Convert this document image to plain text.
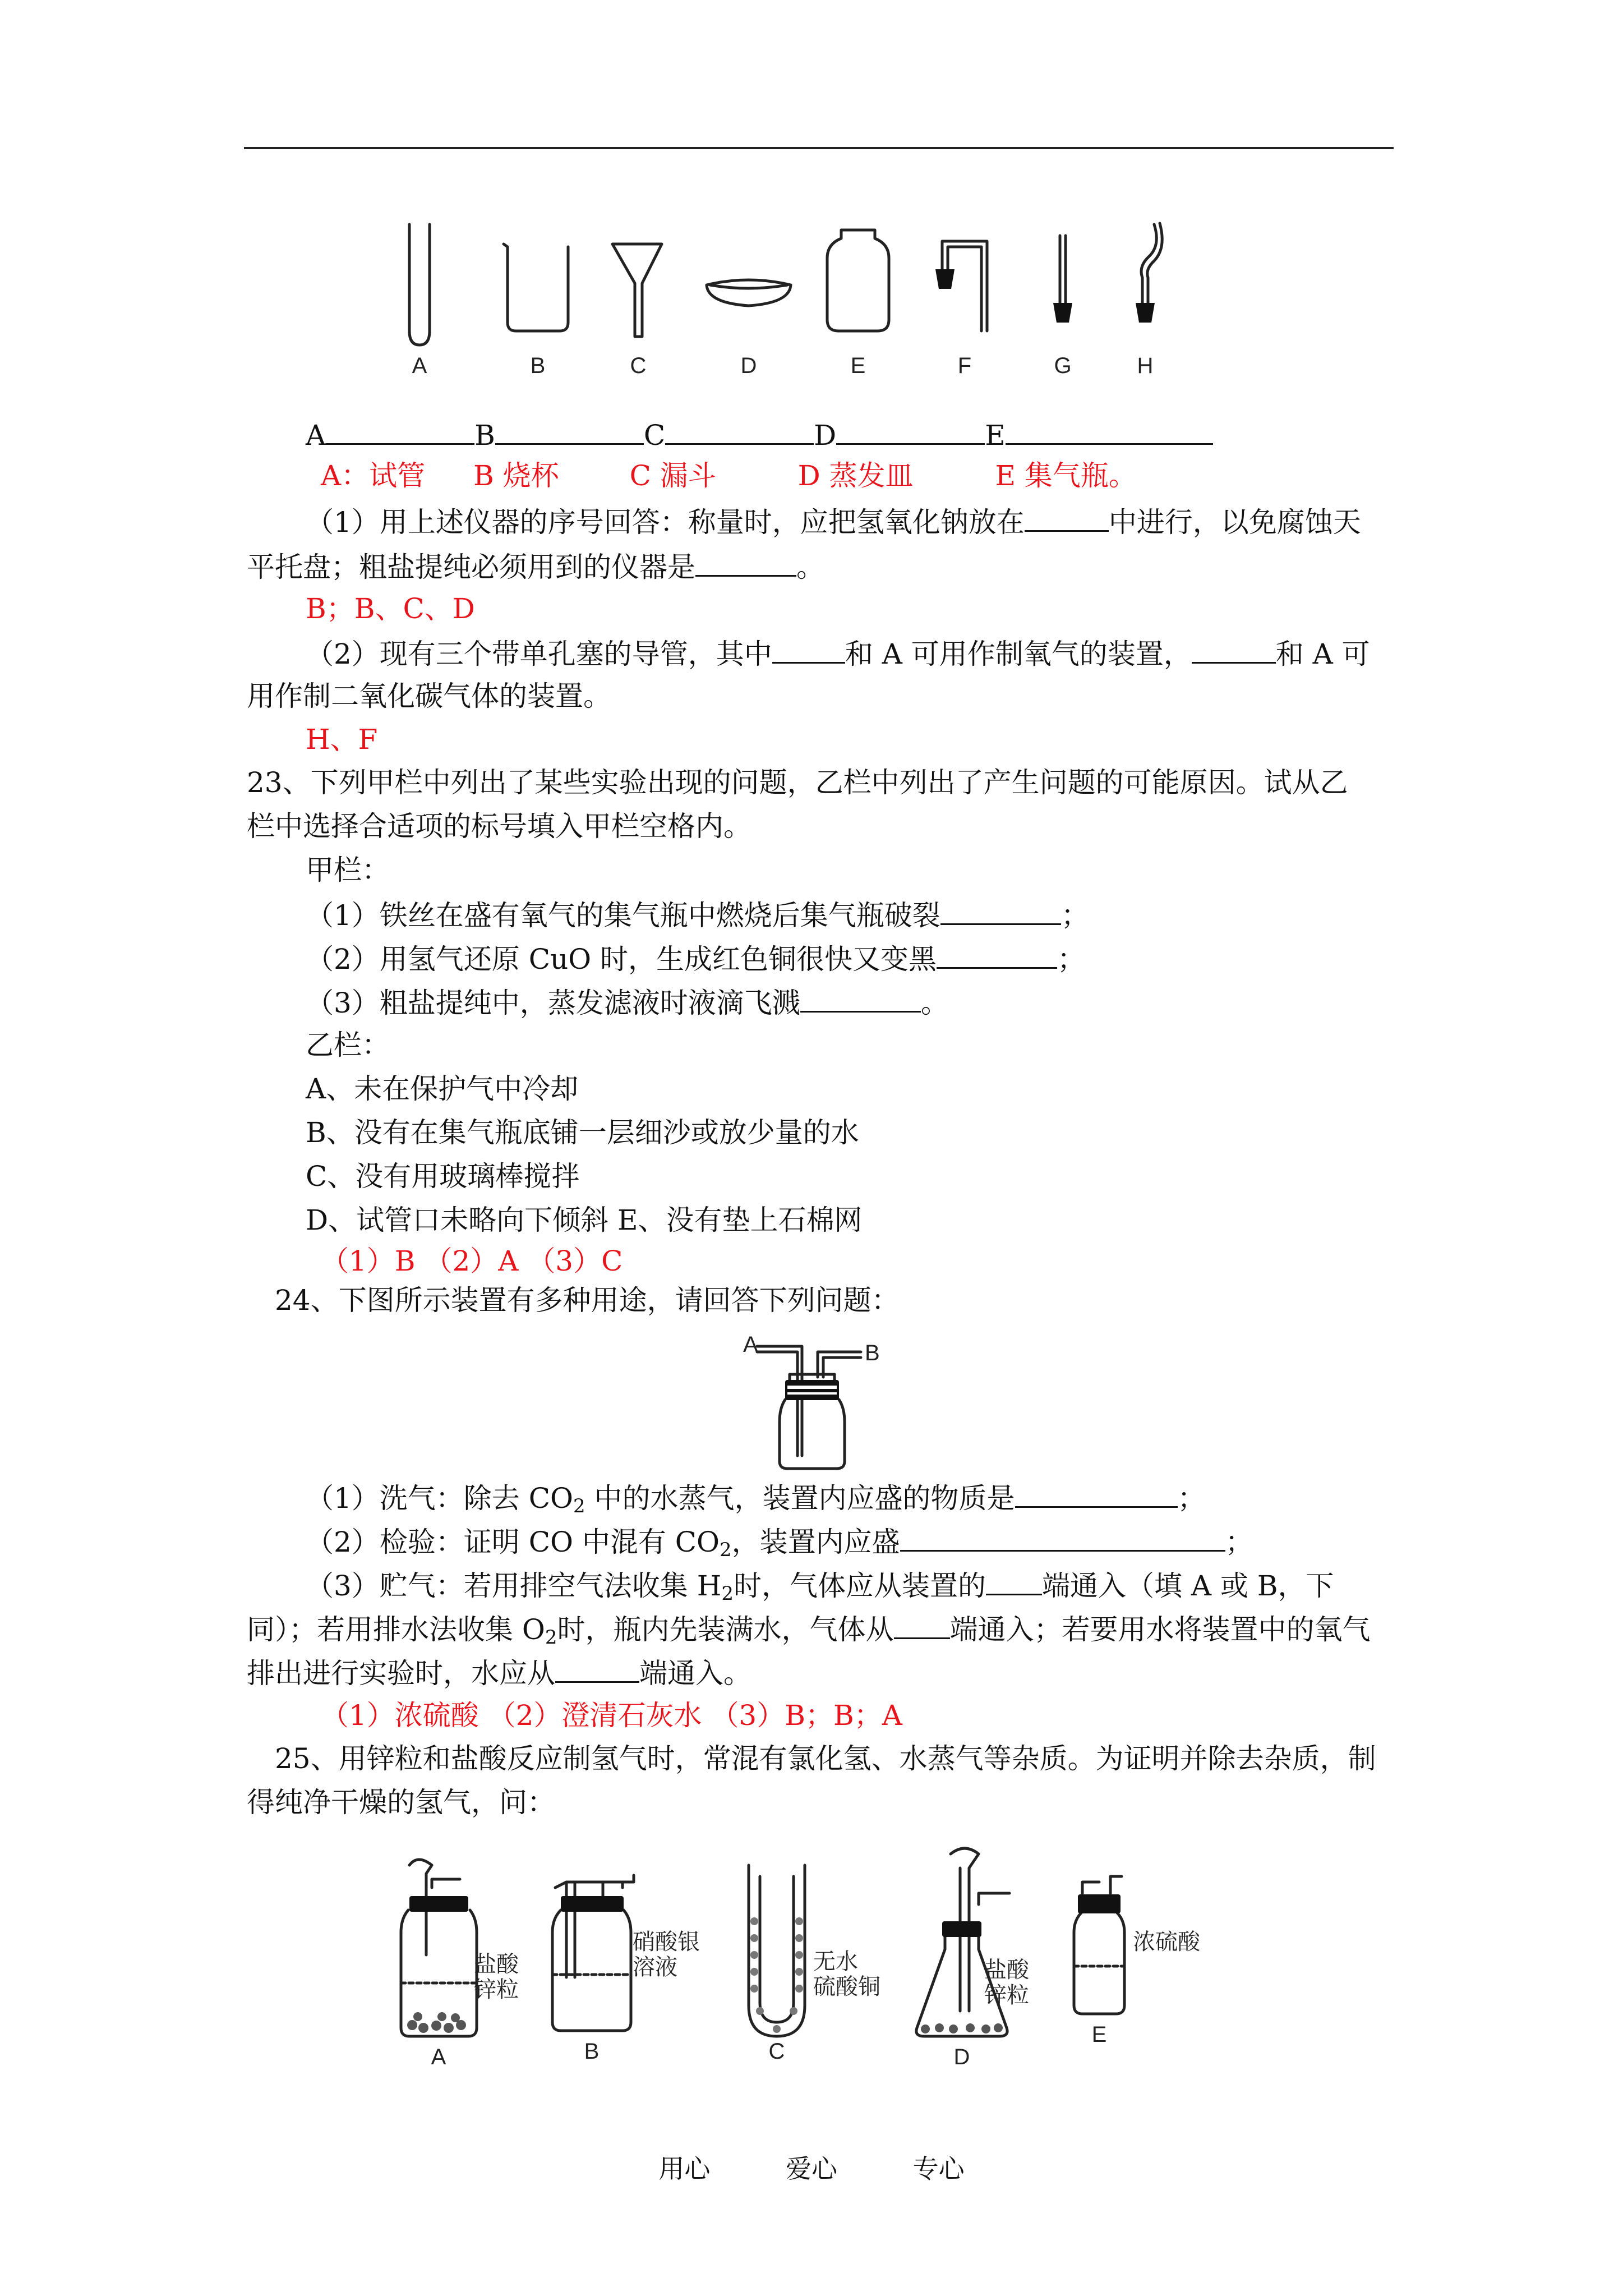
A	B	C	D	E	F	G	H
A	B	C	D	E
A：试管 B 烧杯	C 漏斗	D 蒸发皿	E 集气瓶。
（1）用上述仪器的序号回答：称量时，应把氢氧化钠放在	中进行，以免腐蚀天
平托盘；粗盐提纯必须用到的仪器是	。
B；B、C、D
（2）现有三个带单孔塞的导管，其中	和 A 可用作制氧气的装置，	和 A 可
用作制二氧化碳气体的装置。
H、F
23、下列甲栏中列出了某些实验出现的问题，乙栏中列出了产生问题的可能原因。试从乙
栏中选择合适项的标号填入甲栏空格内。
甲栏：
（1）铁丝在盛有氧气的集气瓶中燃烧后集气瓶破裂	；
（2）用氢气还原 CuO 时，生成红色铜很快又变黑	；
（3）粗盐提纯中，蒸发滤液时液滴飞溅	。
乙栏：
A、未在保护气中冷却
B、没有在集气瓶底铺一层细沙或放少量的水
C、没有用玻璃棒搅拌
D、试管口未略向下倾斜 E、没有垫上石棉网
（1）B （2）A （3）C
24、下图所示装置有多种用途，请回答下列问题：
A	B
（1）洗气：除去 $CO_2$ 中的水蒸气，装置内应盛的物质是	；
（2）检验：证明 CO 中混有 $CO_2$，装置内应盛	；
（3）贮气：若用排空气法收集 $H_2$时，气体应从装置的 端通入（填 A 或 B，下
同）；若用排水法收集 $O_2$时，瓶内先装满水，气体从 端通入；若要用水将装置中的氧气
排出进行实验时，水应从	端通入。
（1）浓硫酸 （2）澄清石灰水 （3）B；B；A
25、用锌粒和盐酸反应制氢气时，常混有氯化氢、水蒸气等杂质。为证明并除去杂质，制
得纯净干燥的氢气，问：
盐酸
锌粒
硝酸银
溶液	无水
硫酸铜
盐酸
锌粒
浓硫酸
A	B	C	D
E
用心	爱心	专心
